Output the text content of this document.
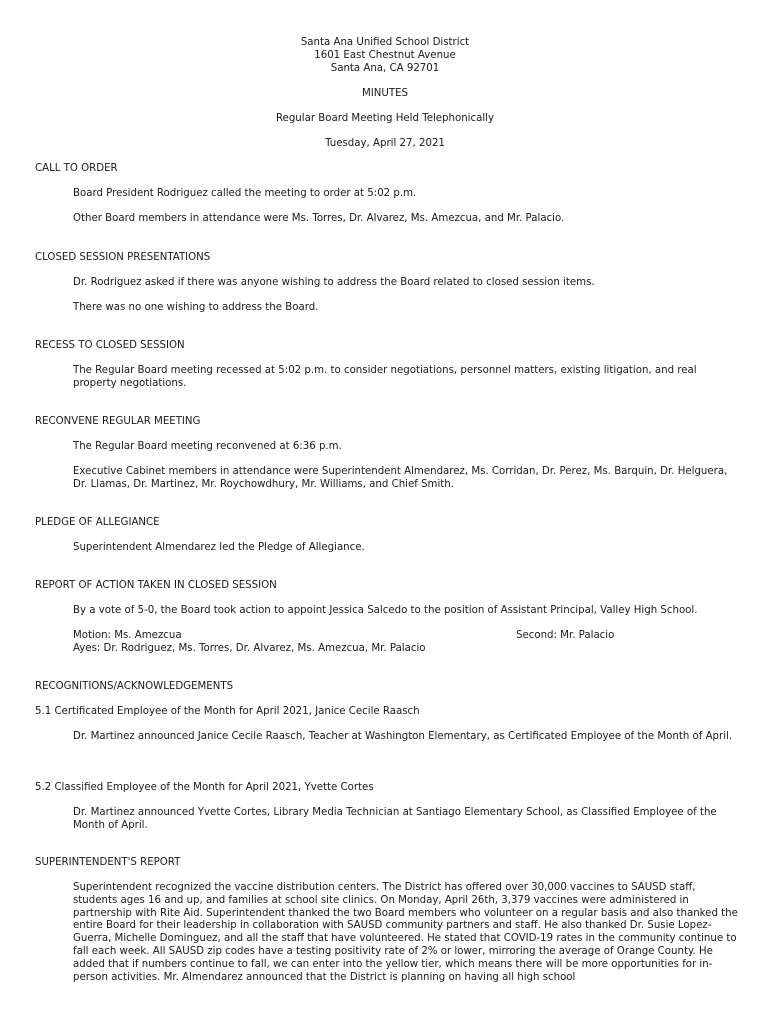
Santa Ana Unified School District
1601 East Chestnut Avenue
Santa Ana, CA 92701
MINUTES
Regular Board Meeting Held Telephonically
Tuesday, April 27, 2021
CALL TO ORDER
Board President Rodriguez called the meeting to order at 5:02 p.m.
Other Board members in attendance were Ms. Torres, Dr. Alvarez, Ms. Amezcua, and Mr. Palacio.
CLOSED SESSION PRESENTATIONS
Dr. Rodriguez asked if there was anyone wishing to address the Board related to closed session items.
There was no one wishing to address the Board.
RECESS TO CLOSED SESSION
The Regular Board meeting recessed at 5:02 p.m. to consider negotiations, personnel matters, existing litigation, and real property negotiations.
RECONVENE REGULAR MEETING
The Regular Board meeting reconvened at 6:36 p.m.
Executive Cabinet members in attendance were Superintendent Almendarez, Ms. Corridan, Dr. Perez, Ms. Barquin, Dr. Helguera, Dr. Llamas, Dr. Martinez, Mr. Roychowdhury, Mr. Williams, and Chief Smith.
PLEDGE OF ALLEGIANCE
Superintendent Almendarez led the Pledge of Allegiance.
REPORT OF ACTION TAKEN IN CLOSED SESSION
By a vote of 5-0, the Board took action to appoint Jessica Salcedo to the position of Assistant Principal, Valley High School.
Motion: Ms. Amezcua	Second: Mr. Palacio
Ayes: Dr. Rodriguez, Ms. Torres, Dr. Alvarez, Ms. Amezcua, Mr. Palacio
RECOGNITIONS/ACKNOWLEDGEMENTS
5.1 Certificated Employee of the Month for April 2021, Janice Cecile Raasch
Dr. Martinez announced Janice Cecile Raasch, Teacher at Washington Elementary, as Certificated Employee of the Month of April.
5.2 Classified Employee of the Month for April 2021, Yvette Cortes
Dr. Martinez announced Yvette Cortes, Library Media Technician at Santiago Elementary School, as Classified Employee of the Month of April.
SUPERINTENDENT'S REPORT
Superintendent recognized the vaccine distribution centers. The District has offered over 30,000 vaccines to SAUSD staff, students ages 16 and up, and families at school site clinics. On Monday, April 26th, 3,379 vaccines were administered in partnership with Rite Aid. Superintendent thanked the two Board members who volunteer on a regular basis and also thanked the entire Board for their leadership in collaboration with SAUSD community partners and staff. He also thanked Dr. Susie Lopez-Guerra, Michelle Dominguez, and all the staff that have volunteered. He stated that COVID-19 rates in the community continue to fall each week. All SAUSD zip codes have a testing positivity rate of 2% or lower, mirroring the average of Orange County. He added that if numbers continue to fall, we can enter into the yellow tier, which means there will be more opportunities for in-person activities. Mr. Almendarez announced that the District is planning on having all high school
